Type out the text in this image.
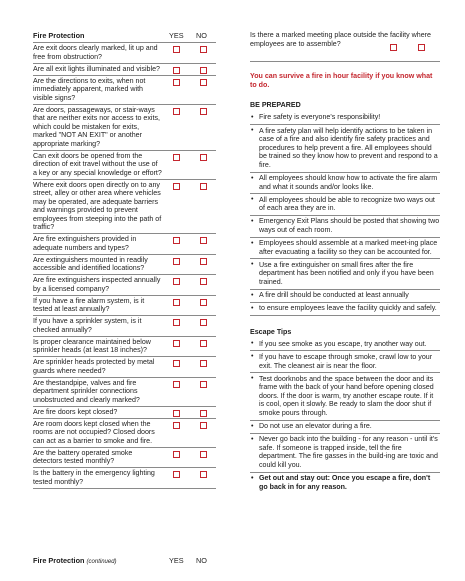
Fire Protection	YES NO
Are exit doors clearly marked, lit up and free from obstruction?
Are all exit lights illuminated and visible?
Are the directions to exits, when not immediately apparent, marked with visible signs?
Are doors, passageways, or stair-ways that are neither exits nor access to exits, which could be mistaken for exits, marked "NOT AN EXIT" or another appropriate marking?
Can exit doors be opened from the direction of exit travel without the use of a key or any special knowledge or effort?
Where exit doors open directly on to any street, alley or other area where vehicles may be operated, are adequate barriers and warnings provided to prevent employees from steeping into the path of traffic?
Are fire extinguishers provided in adequate numbers and types?
Are extinguishers mounted in readily accessible and identified locations?
Are fire extinguishers inspected annually by a licensed company?
If you have a fire alarm system, is it tested at least annually?
If you have a sprinkler system, is it checked annually?
Is proper clearance maintained below sprinkler heads (at least 18 inches)?
Are sprinkler heads protected by metal guards where needed?
Are thestandpipe, valves and fire department sprinkler connections unobstructed and clearly marked?
Are fire doors kept closed?
Are room doors kept closed when the rooms are not occupied? Closed doors can act as a barrier to smoke and fire.
Are the battery operated smoke detectors tested monthly?
Is the battery in the emergency lighting tested monthly?
Fire Protection (continued)	YES NO
Is there a marked meeting place outside the facility where employees are to assemble?
You can survive a fire in hour facility if you know what to do.
BE PREPARED
• Fire safety is everyone's responsibility!
• A fire safety plan will help identify actions to be taken in case of a fire and also identify fire safety practices and procedures to help prevent a fire. All employees should be trained so they know how to prevent and respond to a fire.
• All employees should know how to activate the fire alarm and what it sounds and/or looks like.
• All employees should be able to recognize two ways out of each area they are in.
• Emergency Exit Plans should be posted that showing two ways out of each room.
• Employees should assemble at a marked meet-ing place after evacuating a facility so they can be accounted for.
• Use a fire extinguisher on small fires after the fire department has been notified and only if you have been trained.
• A fire drill should be conducted at least annually
• to ensure employees leave the facility quickly and safely.
Escape Tips
• If you see smoke as you escape, try another way out.
• If you have to escape through smoke, crawl low to your exit. The cleanest air is near the floor.
• Test doorknobs and the space between the door and its frame with the back of your hand before opening closed doors. If the door is warm, try another escape route. If it is cool, open it slowly. Be ready to slam the door shut if smoke pours through.
• Do not use an elevator during a fire.
• Never go back into the building - for any reason - until it's safe. If someone is trapped inside, tell the fire department. The fire gasses in the build-ing are toxic and could kill you.
• Get out and stay out: Once you escape a fire, don't go back in for any reason.
